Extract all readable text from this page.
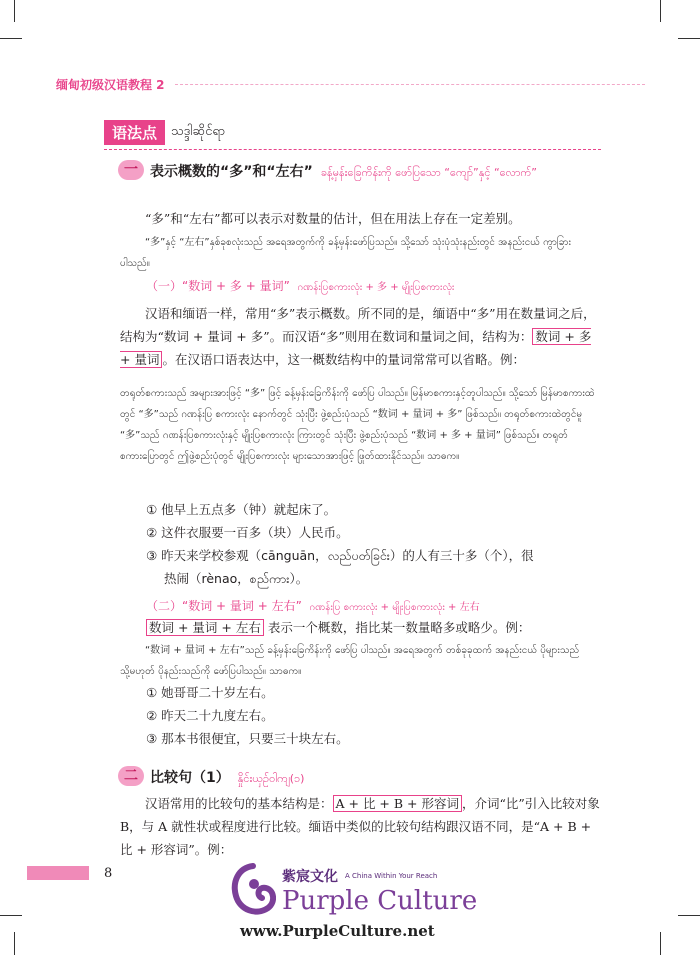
缅甸初级汉语教程 2
语法点	သဒ္ဒါဆိုင်ရာ
一 表示概数的“多”和“左右” ခန့်မှန်းခြေကိန်းကို ဖော်ပြသော “ကျော်”နှင့် “လောက်”
“多”和“左右”都可以表示对数量的估计，但在用法上存在一定差别。
“多”နှင့် “左右”နှစ်ခုစလုံးသည် အရေအတွက်ကို ခန့်မှန်းဖော်ပြသည်။ သို့သော် သုံးပုံသုံးနည်းတွင် အနည်းငယ် ကွာခြားပါသည်။
（一）“数词 + 多 + 量词” ဂဏန်းပြစကားလုံး + 多 + မျိုးပြစကားလုံး
汉语和缅语一样，常用“多”表示概数。所不同的是，缅语中“多”用在数量词之后，结构为“数词 + 量词 + 多”。而汉语“多”则用在数词和量词之间，结构为： 数词 + 多 + 量词 。在汉语口语表达中，这一概数结构中的量词常常可以省略。例：
တရုတ်စကားသည် အများအားဖြင့် “多” ဖြင့် ခန့်မှန်းခြေကိန်းကို ဖော်ပြ ပါသည်။ မြန်မာစကားနှင့်တူပါသည်။ သို့သော် မြန်မာစကားထဲတွင် “多”သည် ဂဏန်းပြ စကားလုံး နောက်တွင် သုံးပြီး ဖွဲ့စည်းပုံသည် “数词 + 量词 + 多” ဖြစ်သည်။ တရုတ်စကားထဲတွင်မူ “多”သည် ဂဏန်းပြစကားလုံးနှင့် မျိုးပြစကားလုံး ကြားတွင် သုံးပြီး ဖွဲ့စည်းပုံသည် “数词 + 多 + 量词” ဖြစ်သည်။ တရုတ်စကားပြောတွင် ဤဖွဲ့စည်းပုံတွင် မျိုးပြစကားလုံး များသောအားဖြင့် ဖြုတ်ထားနိုင်သည်။ သာဓက။
① 他早上五点多（钟）就起床了。
② 这件衣服要一百多（块）人民币。
③ 昨天来学校参观（cānguān，လည်ပတ်ခြင်း）的人有三十多（个），很
热闹（rènao，စည်ကား）。
（二）“数词 + 量词 + 左右” ဂဏန်းပြ စကားလုံး + မျိုးပြစကားလုံး + 左右
数词 + 量词 + 左右 表示一个概数，指比某一数量略多或略少。例：
“数词 + 量词 + 左右”သည် ခန့်မှန်းခြေကိန်းကို ဖော်ပြ ပါသည်။ အရေအတွက် တစ်ခုခုထက် အနည်းငယ် ပိုများသည် သို့မဟုတ် ပိုနည်းသည်ကို ဖော်ပြပါသည်။ သာဓက။
① 她哥哥二十岁左右。
② 昨天二十九度左右。
③ 那本书很便宜，只要三十块左右。
二 比较句（1） နှိုင်းယှဉ်ဝါကျ(၁)
汉语常用的比较句的基本结构是： A + 比 + B + 形容词 ，介词“比”引入比较对象 B，与 A 就性状或程度进行比较。缅语中类似的比较句结构跟汉语不同，是“A + B + 比 + 形容词”。例：
8	紫宸文化 A China Within Your Reach
Purple Culture
www.PurpleCulture.net
